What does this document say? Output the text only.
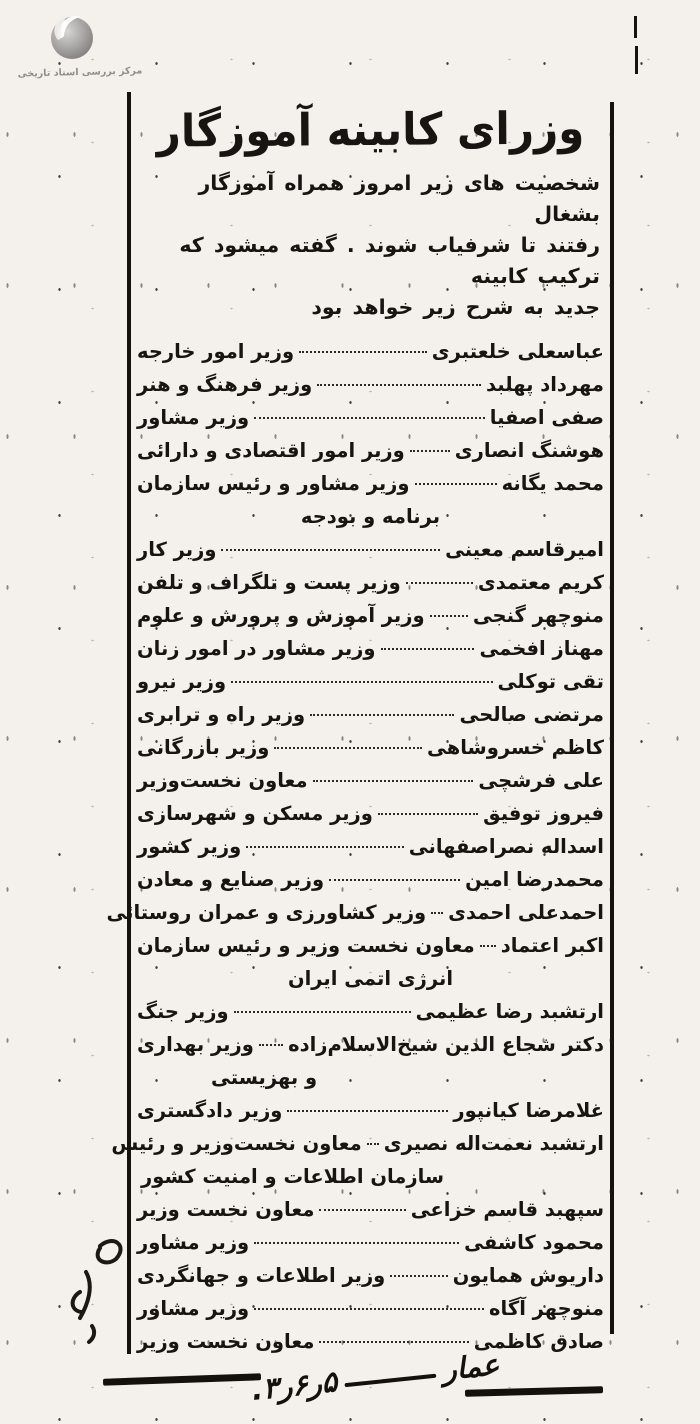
مرکز بررسی اسناد تاریخی
وزرای کابینه آموزگار
شخصیت های زیر امروز همراه آموزگار بشغال
رفتند تا شرفیاب شوند . گفته میشود که ترکیب کابینه
جدید به شرح زیر خواهد بود
عباسعلی خلعتبری
وزیر امور خارجه
مهرداد پهلبد
وزیر فرهنگ و هنر
صفی اصفیا
وزیر مشاور
هوشنگ انصاری
وزیر امور اقتصادی و دارائی
محمد یگانه
وزیر مشاور و رئیس سازمان
برنامه و بودجه
امیرقاسم معینی
وزیر کار
کریم معتمدی
وزیر پست و تلگراف و تلفن
منوچهر گنجی
وزیر آموزش و پرورش و علوم
مهناز افخمی
وزیر مشاور در امور زنان
تقی توکلی
وزیر نیرو
مرتضی صالحی
وزیر راه و ترابری
کاظم خسروشاهی
وزیر بازرگانی
علی فرشچی
معاون نخست‌وزیر
فیروز توفیق
وزیر مسکن و شهرسازی
اسداله نصراصفهانی
وزیر کشور
محمدرضا امین
وزیر صنایع و معادن
احمدعلی احمدی
وزیر کشاورزی و عمران روستائی
اکبر اعتماد
معاون نخست وزیر و رئیس سازمان
انرژی اتمی ایران
ارتشبد رضا عظیمی
وزیر جنگ
دکتر شجاع الدین شیخ‌الاسلام‌زاده
وزیر بهداری
و بهزیستی
غلامرضا کیانپور
وزیر دادگستری
ارتشبد نعمت‌اله نصیری
معاون نخست‌وزیر و رئیس
سازمان اطلاعات و امنیت کشور
سپهبد قاسم خزاعی
معاون نخست وزیر
محمود کاشفی
وزیر مشاور
داریوش همایون
وزیر اطلاعات و جهانگردی
منوچهر آگاه
وزیر مشاور
صادق کاظمی
معاون نخست وزیر
عمار
۵ر۶ر۳.
